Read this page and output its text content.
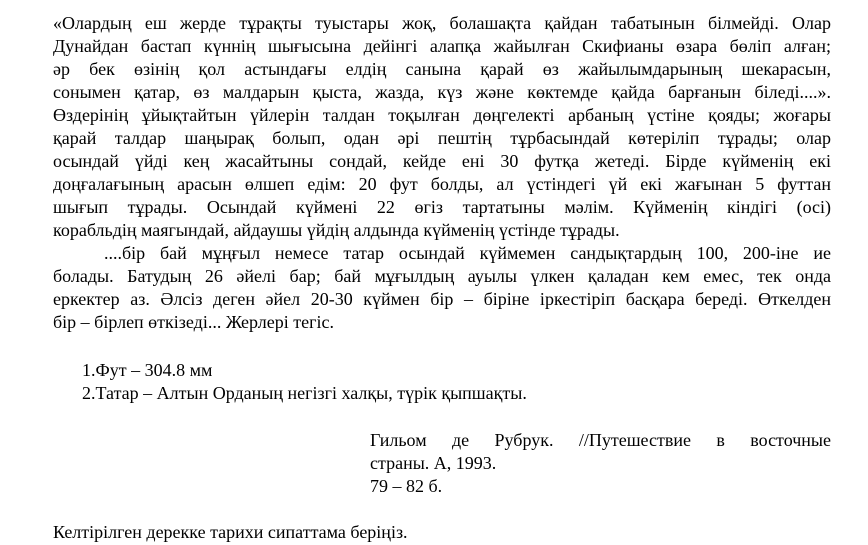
«Олардың еш жерде тұрақты туыстары жоқ, болашақта қайдан табатынын білмейді. Олар
Дунайдан бастап күннің шығысына дейінгі алапқа жайылған Скифианы өзара бөліп алған;
әр бек өзінің қол астындағы елдің санына қарай өз жайылымдарының шекарасын,
сонымен қатар, өз малдарын қыста, жазда, күз және көктемде қайда барғанын біледі....».
Өздерінің ұйықтайтын үйлерін талдан тоқылған дөңгелекті арбаның үстіне қояды; жоғары
қарай талдар шаңырақ болып, одан әрі пештің тұрбасындай көтеріліп тұрады; олар
осындай үйді кең жасайтыны сондай, кейде ені 30 футқа жетеді. Бірде күйменің екі
доңғалағының арасын өлшеп едім: 20 фут болды, ал үстіндегі үй екі жағынан 5 футтан
шығып тұрады. Осындай күймені 22 өгіз тартатыны мәлім. Күйменің кіндігі (осі)
корабльдің маягындай, айдаушы үйдің алдында күйменің үстінде тұрады.
....бір бай мұңғыл немесе татар осындай күймемен сандықтардың 100, 200-іне ие
болады. Батудың 26 әйелі бар; бай мұғылдың ауылы үлкен қаладан кем емес, тек онда
еркектер аз. Әлсіз деген әйел 20-30 күймен бір – біріне іркестіріп басқара береді. Өткелден
бір – бірлеп өткізеді... Жерлері тегіс.
1.Фут – 304.8 мм
2.Татар – Алтын Орданың негізгі халқы, түрік қыпшақты.
Гильом де Рубрук. //Путешествие в восточные
страны. А, 1993.
79 – 82 б.
Келтірілген дерекке тарихи сипаттама беріңіз.
